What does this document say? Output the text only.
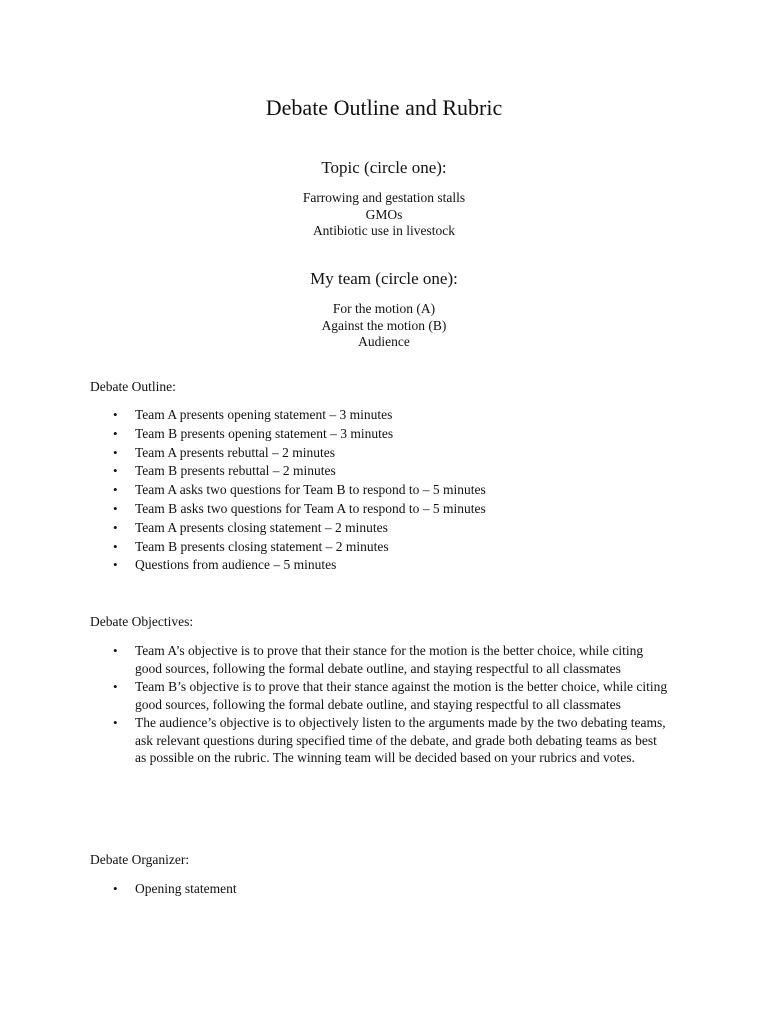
Debate Outline and Rubric
Topic (circle one):
Farrowing and gestation stalls
GMOs
Antibiotic use in livestock
My team (circle one):
For the motion (A)
Against the motion (B)
Audience
Debate Outline:
• Team A presents opening statement – 3 minutes
• Team B presents opening statement – 3 minutes
• Team A presents rebuttal – 2 minutes
• Team B presents rebuttal – 2 minutes
• Team A asks two questions for Team B to respond to – 5 minutes
• Team B asks two questions for Team A to respond to – 5 minutes
• Team A presents closing statement – 2 minutes
• Team B presents closing statement – 2 minutes
• Questions from audience – 5 minutes
Debate Objectives:
• Team A’s objective is to prove that their stance for the motion is the better choice, while citing good sources, following the formal debate outline, and staying respectful to all classmates
• Team B’s objective is to prove that their stance against the motion is the better choice, while citing good sources, following the formal debate outline, and staying respectful to all classmates
• The audience’s objective is to objectively listen to the arguments made by the two debating teams, ask relevant questions during specified time of the debate, and grade both debating teams as best as possible on the rubric. The winning team will be decided based on your rubrics and votes.
Debate Organizer:
• Opening statement
